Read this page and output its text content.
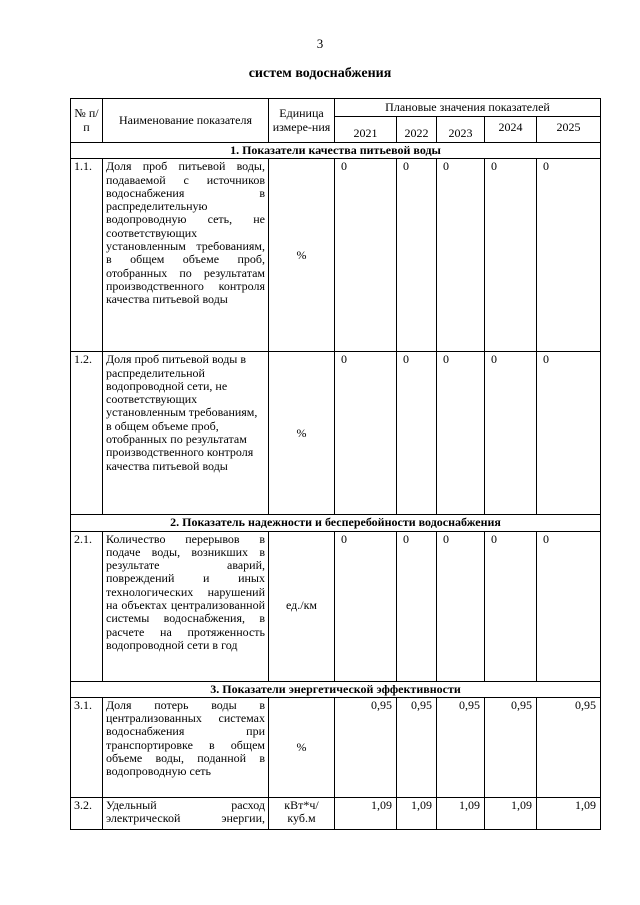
3
систем водоснабжения
№ п/п	Наименование показателя	Единица измере-ния	Плановые значения показателей				
			2021	2022	2023	2024	2025
1. Показатели качества питьевой воды							
1.1.	Доля проб питьевой воды, подаваемой с источников водоснабжения в распределительную водопроводную сеть, не соответствующих установленным требованиям, в общем объеме проб, отобранных по результатам производственного контроля качества питьевой воды	%	0	0	0	0	0
1.2.	Доля проб питьевой воды в распределительной водопроводной сети, не соответствующих установленным требованиям, в общем объеме проб, отобранных по результатам производственного контроля качества питьевой воды	%	0	0	0	0	0
2. Показатель надежности и бесперебойности водоснабжения							
2.1.	Количество перерывов в подаче воды, возникших в результате аварий, повреждений и иных технологических нарушений на объектах централизованной системы водоснабжения, в расчете на протяженность водопроводной сети в год	ед./км	0	0	0	0	0
3. Показатели энергетической эффективности							
3.1.	Доля потерь воды в централизованных системах водоснабжения при транспортировке в общем объеме воды, поданной в водопроводную сеть	%	0,95	0,95	0,95	0,95	0,95
3.2.	Удельный расход электрической энергии,	кВт*ч/ куб.м	1,09	1,09	1,09	1,09	1,09
